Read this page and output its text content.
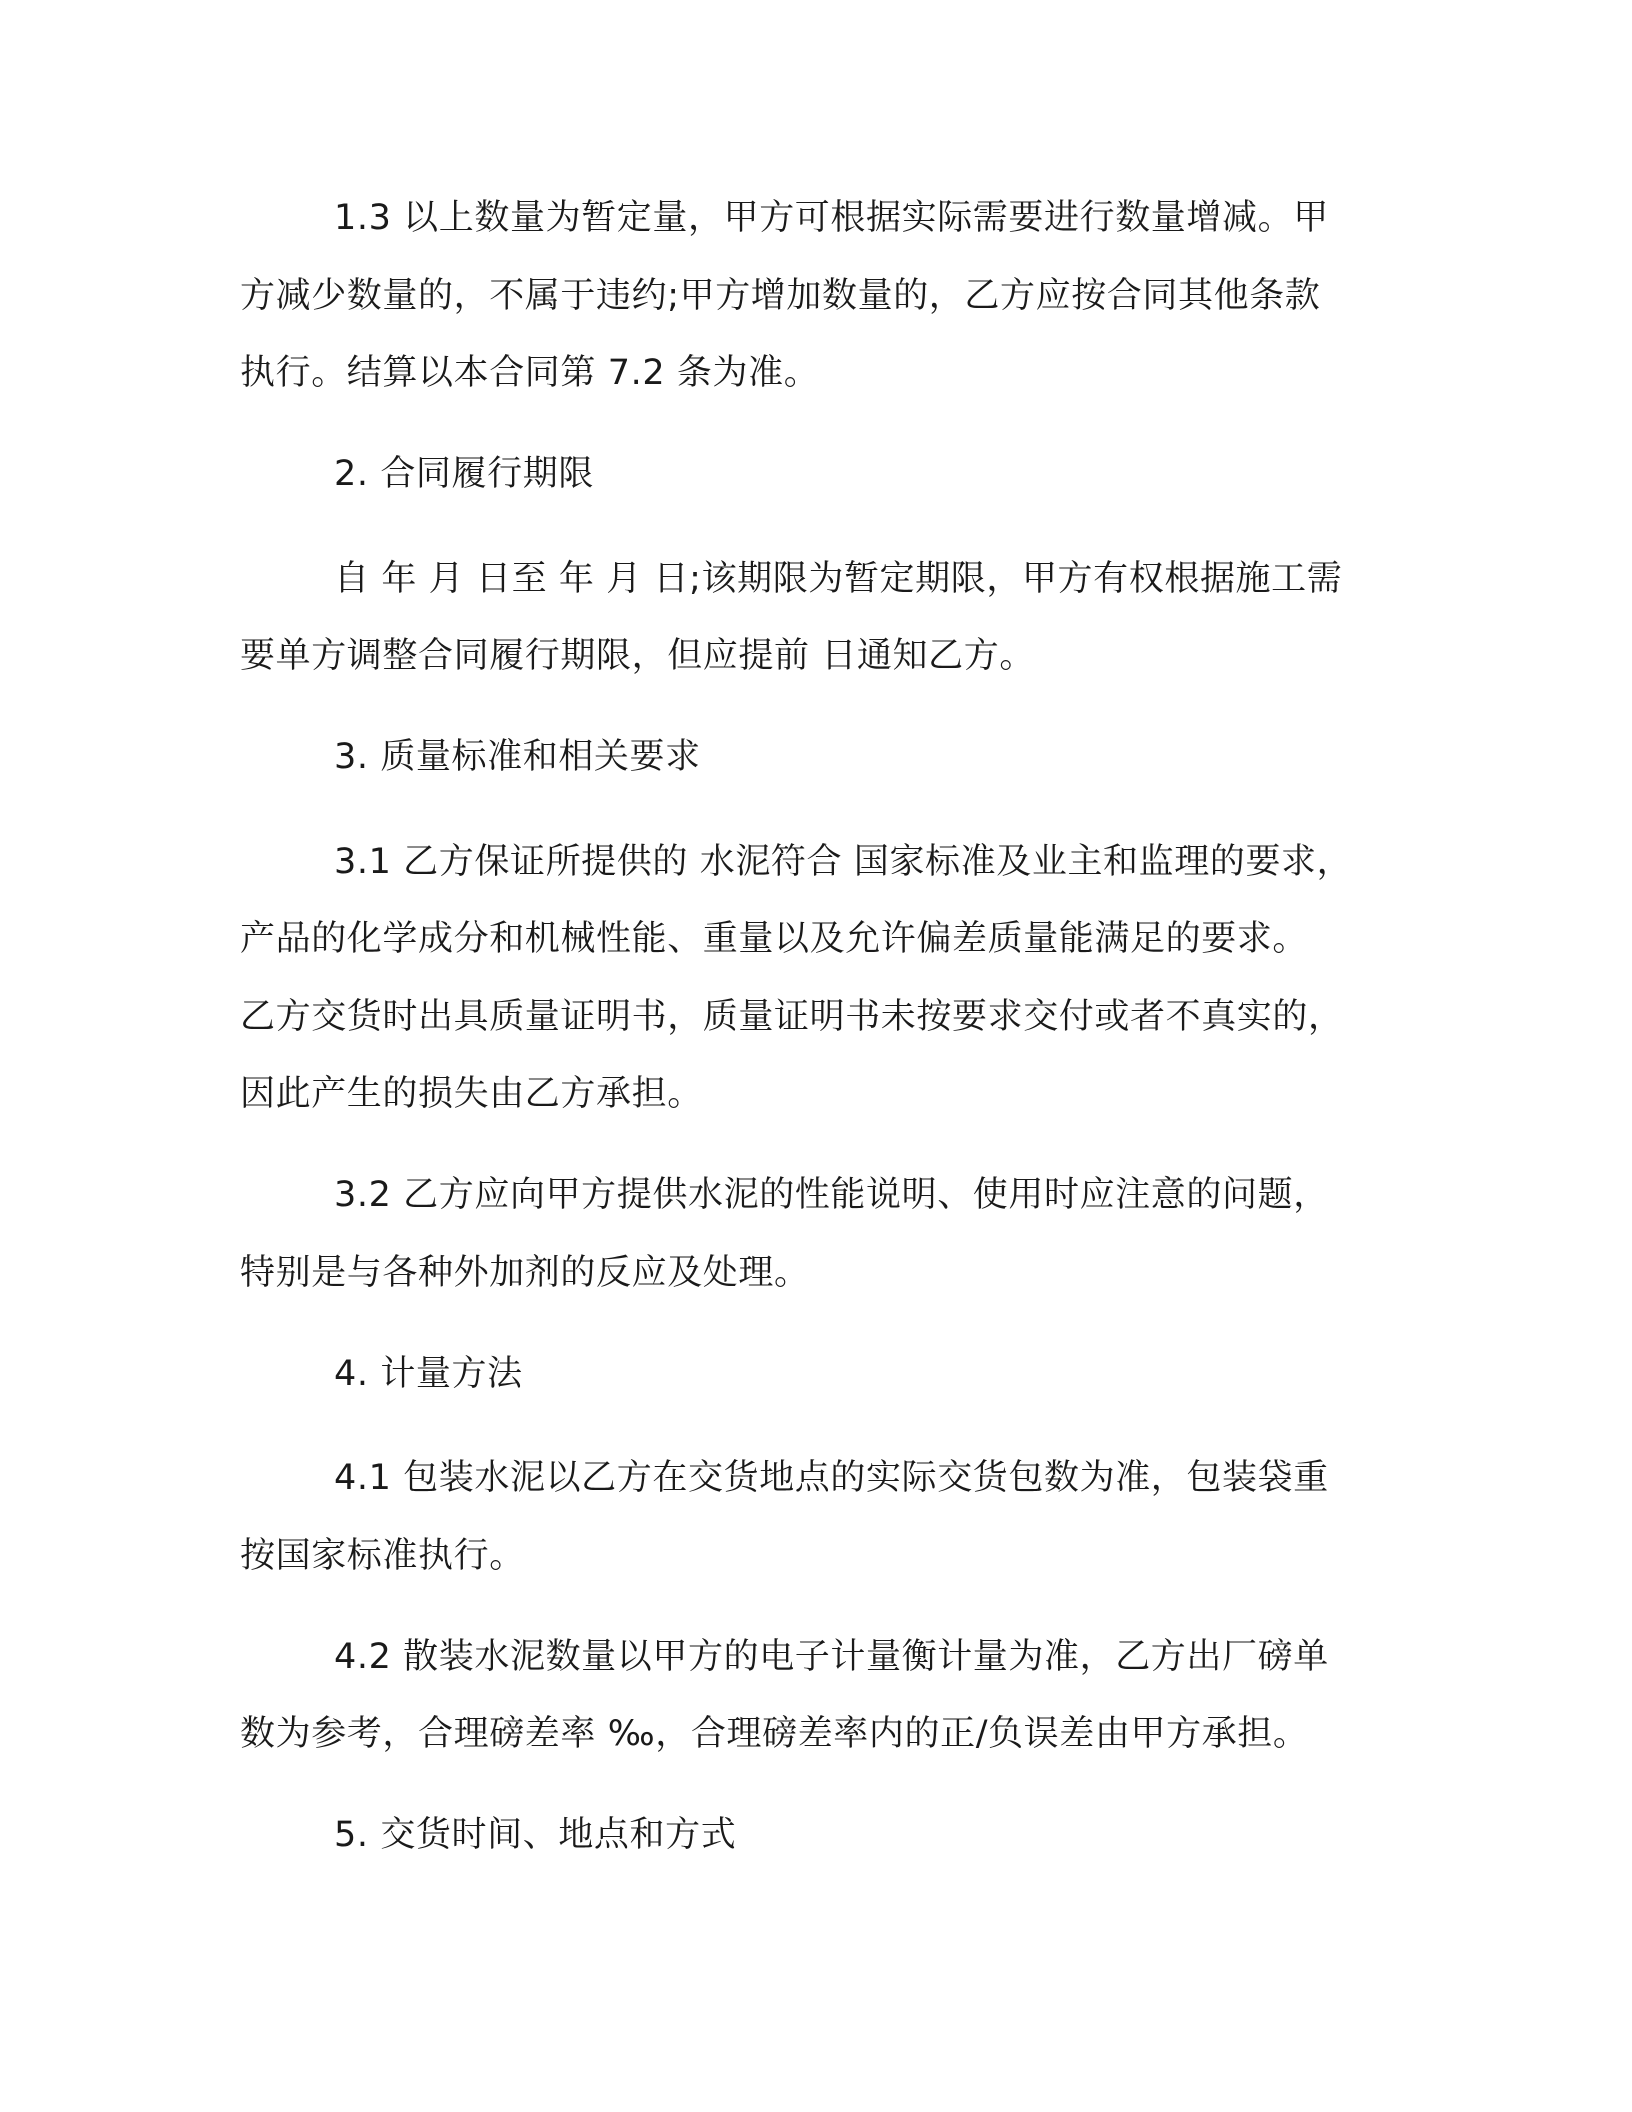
1.3 以上数量为暂定量，甲方可根据实际需要进行数量增减。甲
方减少数量的，不属于违约;甲方增加数量的，乙方应按合同其他条款
执行。结算以本合同第 7.2 条为准。
2. 合同履行期限
自 年 月 日至 年 月 日;该期限为暂定期限，甲方有权根据施工需
要单方调整合同履行期限，但应提前 日通知乙方。
3. 质量标准和相关要求
3.1 乙方保证所提供的 水泥符合 国家标准及业主和监理的要求，
产品的化学成分和机械性能、重量以及允许偏差质量能满足的要求。
乙方交货时出具质量证明书，质量证明书未按要求交付或者不真实的，
因此产生的损失由乙方承担。
3.2 乙方应向甲方提供水泥的性能说明、使用时应注意的问题，
特别是与各种外加剂的反应及处理。
4. 计量方法
4.1 包装水泥以乙方在交货地点的实际交货包数为准，包装袋重
按国家标准执行。
4.2 散装水泥数量以甲方的电子计量衡计量为准，乙方出厂磅单
数为参考，合理磅差率 ‰，合理磅差率内的正/负误差由甲方承担。
5. 交货时间、地点和方式
